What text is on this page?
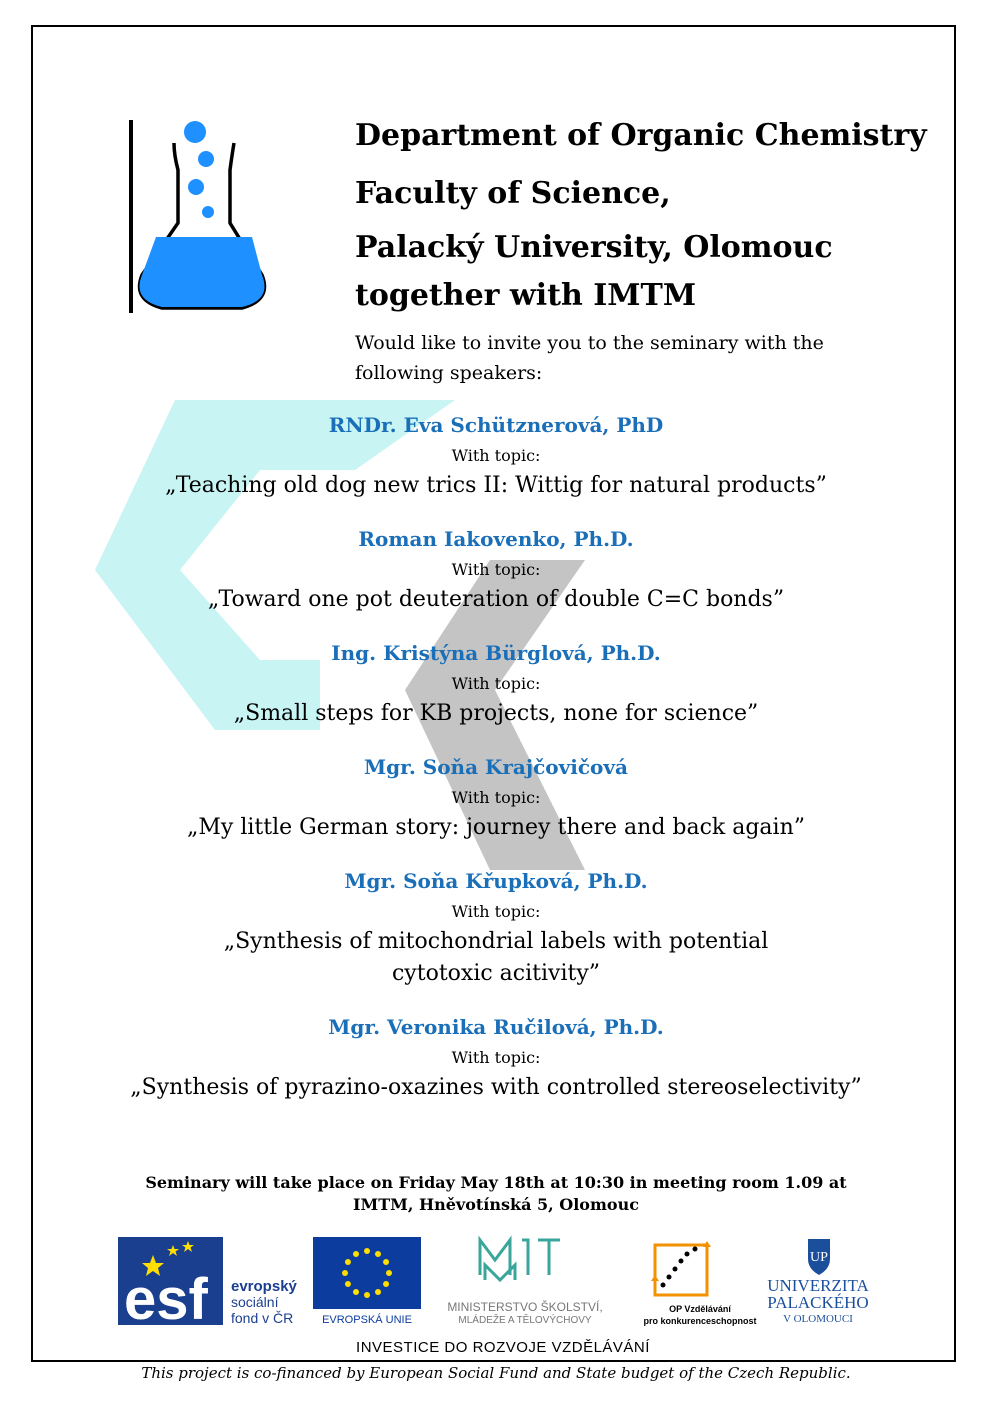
Department of Organic Chemistry
Faculty of Science,
Palacký University, Olomouc
together with IMTM
Would like to invite you to the seminary with the following speakers:
RNDr. Eva Schütznerová, PhD
With topic:
„Teaching old dog new trics II: Wittig for natural products”
Roman Iakovenko, Ph.D.
With topic:
„Toward one pot deuteration of double C=C bonds”
Ing. Kristýna Bürglová, Ph.D.
With topic:
„Small steps for KB projects, none for science”
Mgr. Soňa Krajčovičová
With topic:
„My little German story: journey there and back again”
Mgr. Soňa Křupková, Ph.D.
With topic:
„Synthesis of mitochondrial labels with potential cytotoxic acitivity”
Mgr. Veronika Ručilová, Ph.D.
With topic:
„Synthesis of pyrazino-oxazines with controlled stereoselectivity”
Seminary will take place on Friday May 18th at 10:30 in meeting room 1.09 at
IMTM, Hněvotínská 5, Olomouc
esf evropský
sociální
fond v ČR	EVROPSKÁ UNIE
MINISTERSTVO ŠKOLSTVÍ,
MLÁDEŽE A TĚLOVÝCHOVY
OP Vzdělávání
pro konkurenceschopnost
UP
UNIVERZITA
PALACKÉHO
V OLOMOUCI
INVESTICE DO ROZVOJE VZDĚLÁVÁNÍ
This project is co-financed by European Social Fund and State budget of the Czech Republic.
